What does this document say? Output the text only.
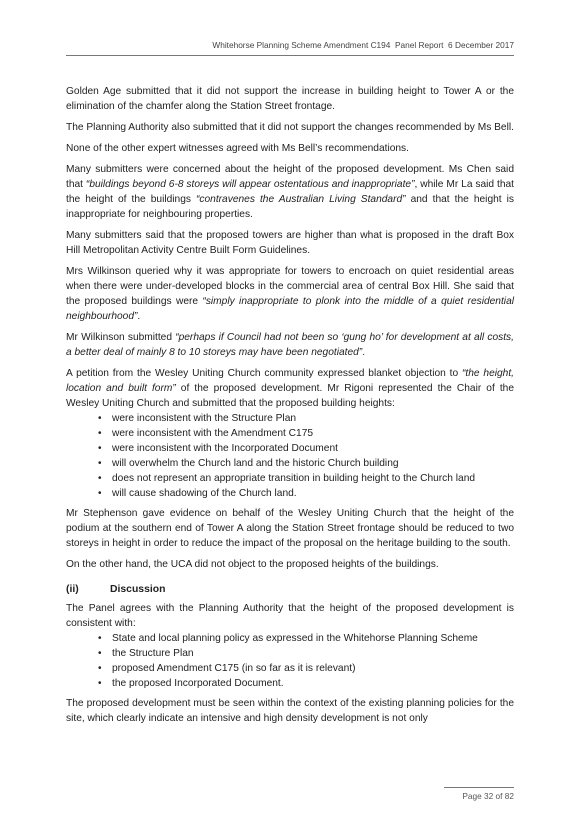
Whitehorse Planning Scheme Amendment C194  Panel Report  6 December 2017

Golden Age submitted that it did not support the increase in building height to Tower A or the elimination of the chamfer along the Station Street frontage.

The Planning Authority also submitted that it did not support the changes recommended by Ms Bell.

None of the other expert witnesses agreed with Ms Bell’s recommendations.

Many submitters were concerned about the height of the proposed development. Ms Chen said that “buildings beyond 6-8 storeys will appear ostentatious and inappropriate”, while Mr La said that the height of the buildings “contravenes the Australian Living Standard” and that the height is inappropriate for neighbouring properties.

Many submitters said that the proposed towers are higher than what is proposed in the draft Box Hill Metropolitan Activity Centre Built Form Guidelines.

Mrs Wilkinson queried why it was appropriate for towers to encroach on quiet residential areas when there were under-developed blocks in the commercial area of central Box Hill. She said that the proposed buildings were “simply inappropriate to plonk into the middle of a quiet residential neighbourhood”.

Mr Wilkinson submitted “perhaps if Council had not been so ‘gung ho’ for development at all costs, a better deal of mainly 8 to 10 storeys may have been negotiated”.

A petition from the Wesley Uniting Church community expressed blanket objection to “the height, location and built form” of the proposed development. Mr Rigoni represented the Chair of the Wesley Uniting Church and submitted that the proposed building heights:

• were inconsistent with the Structure Plan
• were inconsistent with the Amendment C175
• were inconsistent with the Incorporated Document
• will overwhelm the Church land and the historic Church building
• does not represent an appropriate transition in building height to the Church land
• will cause shadowing of the Church land.

Mr Stephenson gave evidence on behalf of the Wesley Uniting Church that the height of the podium at the southern end of Tower A along the Station Street frontage should be reduced to two storeys in height in order to reduce the impact of the proposal on the heritage building to the south.

On the other hand, the UCA did not object to the proposed heights of the buildings.

(ii)	Discussion

The Panel agrees with the Planning Authority that the height of the proposed development is consistent with:

• State and local planning policy as expressed in the Whitehorse Planning Scheme
• the Structure Plan
• proposed Amendment C175 (in so far as it is relevant)
• the proposed Incorporated Document.

The proposed development must be seen within the context of the existing planning policies for the site, which clearly indicate an intensive and high density development is not only

Page 32 of 82
